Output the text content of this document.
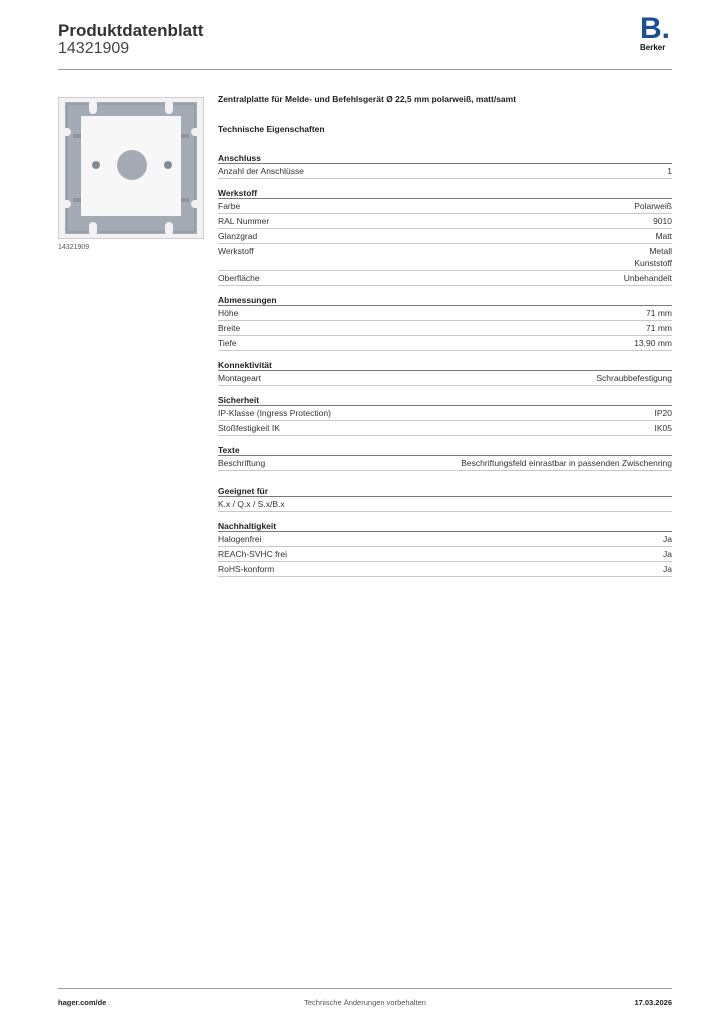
Produktdatenblatt
14321909
B.
Berker
14321909
Zentralplatte für Melde- und Befehlsgerät Ø 22,5 mm polarweiß, matt/samt
Technische Eigenschaften
Anschluss
Anzahl der Anschlüsse	1
Werkstoff
Farbe	Polarweiß
RAL Nummer	9010
Glanzgrad	Matt
Werkstoff	Metall
Kunststoff
Oberfläche	Unbehandelt
Abmessungen
Höhe	71 mm
Breite	71 mm
Tiefe	13,90 mm
Konnektivität
Montageart	Schraubbefestigung
Sicherheit
IP-Klasse (Ingress Protection)	IP20
Stoßfestigkeit IK	IK05
Texte
Beschriftung	Beschriftungsfeld einrastbar in passenden Zwischenring
Geeignet für
K.x / Q.x / S.x/B.x
Nachhaltigkeit
Halogenfrei	Ja
REACh-SVHC frei	Ja
RoHS-konform	Ja
hager.com/de	Technische Änderungen vorbehalten	17.03.2026
